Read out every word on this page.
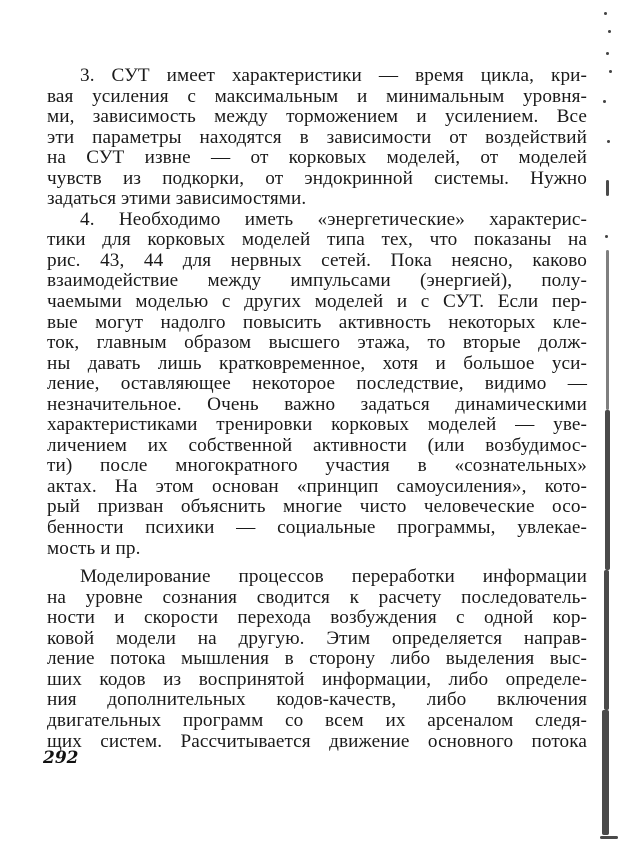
3. СУТ имеет характеристики — время цикла, кри-
вая усиления с максимальным и минимальным уровня-
ми, зависимость между торможением и усилением. Все
эти параметры находятся в зависимости от воздействий
на СУТ извне — от корковых моделей, от моделей
чувств из подкорки, от эндокринной системы. Нужно
задаться этими зависимостями.
4. Необходимо иметь «энергетические» характерис-
тики для корковых моделей типа тех, что показаны на
рис. 43, 44 для нервных сетей. Пока неясно, каково
взаимодействие между импульсами (энергией), полу-
чаемыми моделью с других моделей и с СУТ. Если пер-
вые могут надолго повысить активность некоторых кле-
ток, главным образом высшего этажа, то вторые долж-
ны давать лишь кратковременное, хотя и большое уси-
ление, оставляющее некоторое последствие, видимо —
незначительное. Очень важно задаться динамическими
характеристиками тренировки корковых моделей — уве-
личением их собственной активности (или возбудимос-
ти) после многократного участия в «сознательных»
актах. На этом основан «принцип самоусиления», кото-
рый призван объяснить многие чисто человеческие осо-
бенности психики — социальные программы, увлекае-
мость и пр.
Моделирование процессов переработки информации
на уровне сознания сводится к расчету последователь-
ности и скорости перехода возбуждения с одной кор-
ковой модели на другую. Этим определяется направ-
ление потока мышления в сторону либо выделения выс-
ших кодов из воспринятой информации, либо определе-
ния дополнительных кодов-качеств, либо включения
двигательных программ со всем их арсеналом следя-
щих систем. Рассчитывается движение основного потока
292
